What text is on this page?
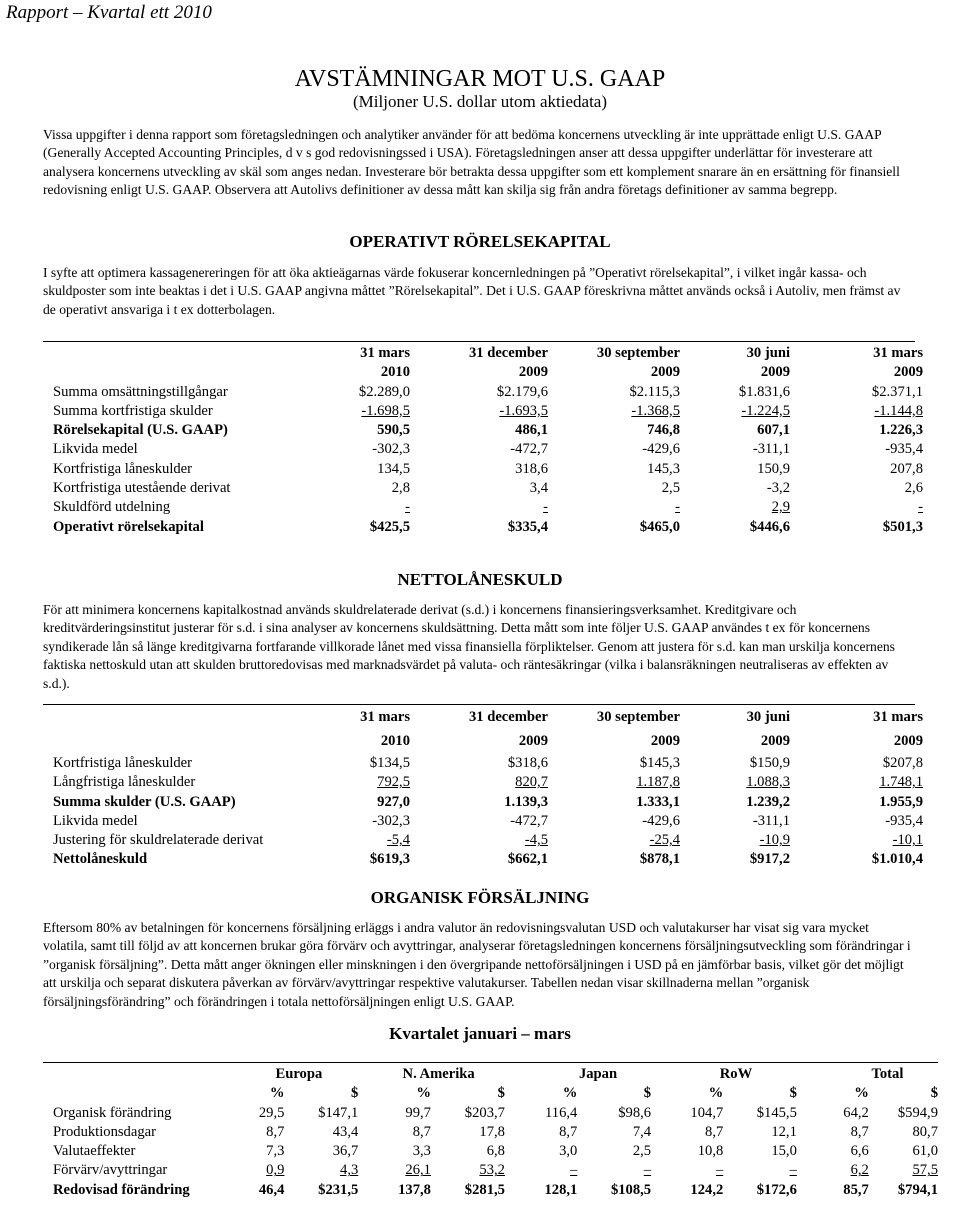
Rapport – Kvartal ett 2010
AVSTÄMNINGAR MOT U.S. GAAP
(Miljoner U.S. dollar utom aktiedata)
Vissa uppgifter i denna rapport som företagsledningen och analytiker använder för att bedöma koncernens utveckling är inte upprättade enligt U.S. GAAP (Generally Accepted Accounting Principles, d v s god redovisningssed i USA). Företagsledningen anser att dessa uppgifter underlättar för investerare att analysera koncernens utveckling av skäl som anges nedan. Investerare bör betrakta dessa uppgifter som ett komplement snarare än en ersättning för finansiell redovisning enligt U.S. GAAP. Observera att Autolivs definitioner av dessa mått kan skilja sig från andra företags definitioner av samma begrepp.
OPERATIVT RÖRELSEKAPITAL
I syfte att optimera kassagenereringen för att öka aktieägarnas värde fokuserar koncernledningen på ”Operativt rörelsekapital”, i vilket ingår kassa- och skuldposter som inte beaktas i det i U.S. GAAP angivna måttet ”Rörelsekapital”. Det i U.S. GAAP föreskrivna måttet används också i Autoliv, men främst av de operativt ansvariga i t ex dotterbolagen.
	31 mars	31 december	30 september	30 juni	31 mars
	2010	2009	2009	2009	2009
Summa omsättningstillgångar	$2.289,0	$2.179,6	$2.115,3	$1.831,6	$2.371,1
Summa kortfristiga skulder	-1.698,5	-1.693,5	-1.368,5	-1.224,5	-1.144,8
Rörelsekapital (U.S. GAAP)	590,5	486,1	746,8	607,1	1.226,3
Likvida medel	-302,3	-472,7	-429,6	-311,1	-935,4
Kortfristiga låneskulder	134,5	318,6	145,3	150,9	207,8
Kortfristiga utestående derivat	2,8	3,4	2,5	-3,2	2,6
Skuldförd utdelning	-	-	-	2,9	-
Operativt rörelsekapital	$425,5	$335,4	$465,0	$446,6	$501,3
NETTOLÅNESKULD
För att minimera koncernens kapitalkostnad används skuldrelaterade derivat (s.d.) i koncernens finansieringsverksamhet. Kreditgivare och kreditvärderingsinstitut justerar för s.d. i sina analyser av koncernens skuldsättning. Detta mått som inte följer U.S. GAAP användes t ex för koncernens syndikerade lån så länge kreditgivarna fortfarande villkorade lånet med vissa finansiella förpliktelser. Genom att justera för s.d. kan man urskilja koncernens faktiska nettoskuld utan att skulden bruttoredovisas med marknadsvärdet på valuta- och räntesäkringar (vilka i balansräkningen neutraliseras av effekten av s.d.).
	31 mars	31 december	30 september	30 juni	31 mars
	2010	2009	2009	2009	2009
Kortfristiga låneskulder	$134,5	$318,6	$145,3	$150,9	$207,8
Långfristiga låneskulder	792,5	820,7	1.187,8	1.088,3	1.748,1
Summa skulder (U.S. GAAP)	927,0	1.139,3	1.333,1	1.239,2	1.955,9
Likvida medel	-302,3	-472,7	-429,6	-311,1	-935,4
Justering för skuldrelaterade derivat	-5,4	-4,5	-25,4	-10,9	-10,1
Nettolåneskuld	$619,3	$662,1	$878,1	$917,2	$1.010,4
ORGANISK FÖRSÄLJNING
Eftersom 80% av betalningen för koncernens försäljning erläggs i andra valutor än redovisningsvalutan USD och valutakurser har visat sig vara mycket volatila, samt till följd av att koncernen brukar göra förvärv och avyttringar, analyserar företagsledningen koncernens försäljningsutveckling som förändringar i ”organisk försäljning”. Detta mått anger ökningen eller minskningen i den övergripande nettoförsäljningen i USD på en jämförbar basis, vilket gör det möjligt att urskilja och separat diskutera påverkan av förvärv/avyttringar respektive valutakurser. Tabellen nedan visar skillnaderna mellan ”organisk försäljningsförändring” och förändringen i totala nettoförsäljningen enligt U.S. GAAP.
Kvartalet januari – mars
	Europa		N. Amerika		Japan		RoW		Total	
	%	$	%	$	%	$	%	$	%	$
Organisk förändring	29,5	$147,1	99,7	$203,7	116,4	$98,6	104,7	$145,5	64,2	$594,9
Produktionsdagar	8,7	43,4	8,7	17,8	8,7	7,4	8,7	12,1	8,7	80,7
Valutaeffekter	7,3	36,7	3,3	6,8	3,0	2,5	10,8	15,0	6,6	61,0
Förvärv/avyttringar	0,9	4,3	26,1	53,2	–	–	–	–	6,2	57,5
Redovisad förändring	46,4	$231,5	137,8	$281,5	128,1	$108,5	124,2	$172,6	85,7	$794,1
